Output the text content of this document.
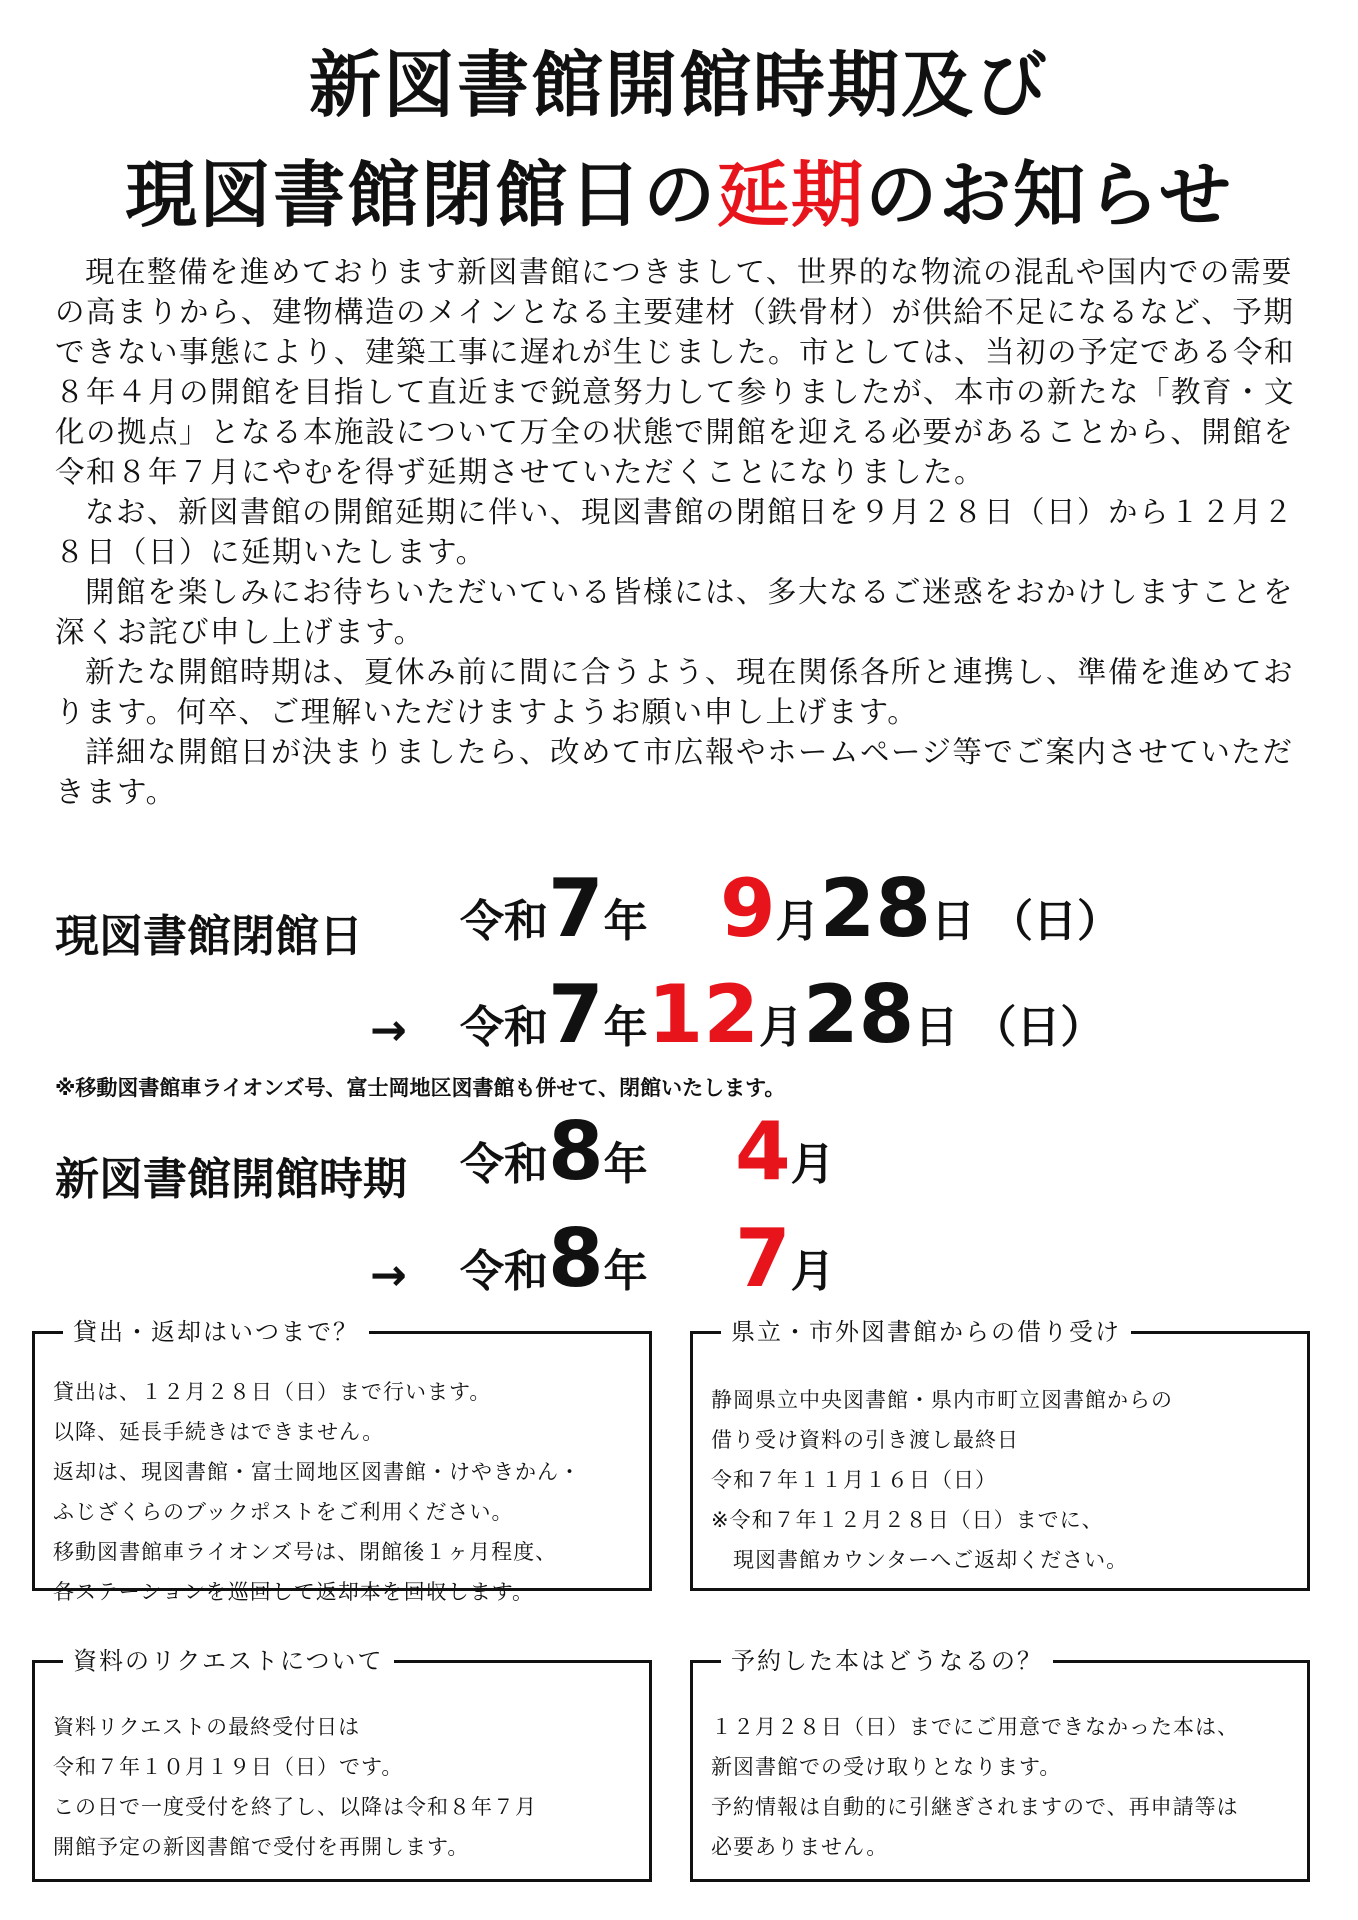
新図書館開館時期及び
現図書館閉館日の延期のお知らせ

現在整備を進めております新図書館につきまして、世界的な物流の混乱や国内での需要の高まりから、建物構造のメインとなる主要建材（鉄骨材）が供給不足になるなど、予期できない事態により、建築工事に遅れが生じました。市としては、当初の予定である令和８年４月の開館を目指して直近まで鋭意努力して参りましたが、本市の新たな「教育・文化の拠点」となる本施設について万全の状態で開館を迎える必要があることから、開館を令和８年７月にやむを得ず延期させていただくことになりました。

なお、新図書館の開館延期に伴い、現図書館の閉館日を９月２８日（日）から１２月２８日（日）に延期いたします。

開館を楽しみにお待ちいただいている皆様には、多大なるご迷惑をおかけしますことを深くお詫び申し上げます。

新たな開館時期は、夏休み前に間に合うよう、現在関係各所と連携し、準備を進めております。何卒、ご理解いただけますようお願い申し上げます。

詳細な開館日が決まりましたら、改めて市広報やホームページ等でご案内させていただきます。

現図書館閉館日 令和7年 9月28日 （日）
→ 令和7年12月28日 （日）
※移動図書館車ライオンズ号、富士岡地区図書館も併せて、閉館いたします。
新図書館開館時期 令和8年 4月
→ 令和8年 7月
貸出・返却はいつまで？
貸出は、１２月２８日（日）まで行います。
以降、延長手続きはできません。
返却は、現図書館・富士岡地区図書館・けやきかん・
ふじざくらのブックポストをご利用ください。
移動図書館車ライオンズ号は、閉館後１ヶ月程度、
各ステーションを巡回して返却本を回収します。
県立・市外図書館からの借り受け
静岡県立中央図書館・県内市町立図書館からの
借り受け資料の引き渡し最終日
令和７年１１月１６日（日）
※令和７年１２月２８日（日）までに、
　現図書館カウンターへご返却ください。
資料のリクエストについて
資料リクエストの最終受付日は
令和７年１０月１９日（日）です。
この日で一度受付を終了し、以降は令和８年７月
開館予定の新図書館で受付を再開します。
予約した本はどうなるの？
１２月２８日（日）までにご用意できなかった本は、
新図書館での受け取りとなります。
予約情報は自動的に引継ぎされますので、再申請等は
必要ありません。
